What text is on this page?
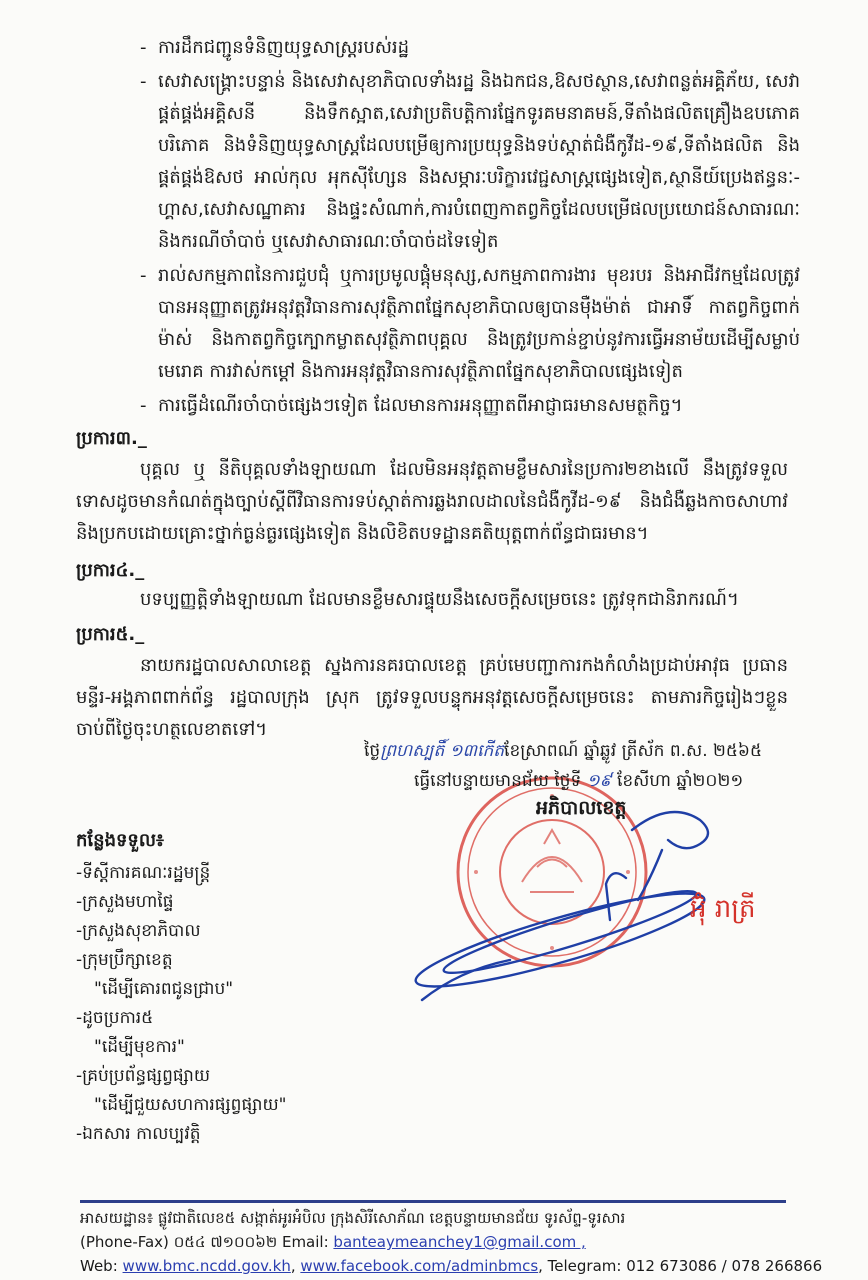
- ការដឹកជញ្ជូនទំនិញយុទ្ធសាស្ត្ររបស់រដ្ឋ
- សេវាសង្គ្រោះបន្ទាន់ និងសេវាសុខាភិបាលទាំងរដ្ឋ និងឯកជន,ឱសថស្ថាន,សេវាពន្លត់អគ្គិភ័យ, សេវាផ្គត់ផ្គង់អគ្គិសនី និងទឹកស្អាត,សេវាប្រតិបត្តិការផ្នែកទូរគមនាគមន៍,ទីតាំងផលិតគ្រឿងឧបភោគ បរិភោគ និងទំនិញយុទ្ធសាស្ត្រដែលបម្រើឲ្យការប្រយុទ្ធនិងទប់ស្កាត់ជំងឺកូវីដ-១៩,ទីតាំងផលិត និងផ្គត់ផ្គង់ឱសថ អាល់កុល អុកស៊ីហ្សែន និងសម្ភារៈបរិក្ខារវេជ្ជសាស្ត្រផ្សេងទៀត,ស្ថានីយ៍ប្រេងឥន្ធនៈ-ហ្គាស,សេវាសណ្ឋាគារ និងផ្ទះសំណាក់,ការបំពេញកាតព្វកិច្ចដែលបម្រើផលប្រយោជន៍សាធារណៈ និងករណីចាំបាច់ ឬសេវាសាធារណៈចាំបាច់ដទៃទៀត
- រាល់សកម្មភាពនៃការជួបជុំ ឬការប្រមូលផ្តុំមនុស្ស,សកម្មភាពការងារ មុខរបរ និងអាជីវកម្មដែលត្រូវបានអនុញ្ញាតត្រូវអនុវត្តវិធានការសុវត្ថិភាពផ្នែកសុខាភិបាលឲ្យបានម៉ឺងម៉ាត់ ជាអាទិ៍ កាតព្វកិច្ចពាក់ម៉ាស់ និងកាតព្វកិច្ចក្បោកម្លាតសុវត្ថិភាពបុគ្គល និងត្រូវប្រកាន់ខ្ជាប់នូវការធ្វើអនាម័យដើម្បីសម្លាប់មេរោគ ការវាស់កម្តៅ និងការអនុវត្តវិធានការសុវត្ថិភាពផ្នែកសុខាភិបាលផ្សេងទៀត
- ការធ្វើដំណើរចាំបាច់ផ្សេងៗទៀត ដែលមានការអនុញ្ញាតពីអាជ្ញាធរមានសមត្ថកិច្ច។
ប្រការ៣._
បុគ្គល ឬ នីតិបុគ្គលទាំងឡាយណា ដែលមិនអនុវត្តតាមខ្លឹមសារនៃប្រការ២ខាងលើ នឹងត្រូវទទួលទោសដូចមានកំណត់ក្នុងច្បាប់ស្តីពីវិធានការទប់ស្កាត់ការឆ្លងរាលដាលនៃជំងឺកូវីដ-១៩ និងជំងឺឆ្លងកាចសាហាវនិងប្រកបដោយគ្រោះថ្នាក់ធ្ងន់ធ្ងរផ្សេងទៀត និងលិខិតបទដ្ឋានគតិយុត្តពាក់ព័ន្ធជាធរមាន។
ប្រការ៤._
បទប្បញ្ញត្តិទាំងឡាយណា ដែលមានខ្លឹមសារផ្ទុយនឹងសេចក្តីសម្រេចនេះ ត្រូវទុកជានិរាករណ៍។
ប្រការ៥._
នាយករដ្ឋបាលសាលាខេត្ត ស្នងការនគរបាលខេត្ត គ្រប់មេបញ្ជាការកងកំលាំងប្រដាប់អាវុធ ប្រធានមន្ទីរ-អង្គភាពពាក់ព័ន្ធ រដ្ឋបាលក្រុង ស្រុក ត្រូវទទួលបន្ទុកអនុវត្តសេចក្តីសម្រេចនេះ តាមភារកិច្ចរៀងៗខ្លួន ចាប់ពីថ្ងៃចុះហត្ថលេខាតទៅ។
ថ្ងៃព្រហស្បតិ៍ ១៣កើតខែស្រាពណ៍ ឆ្នាំឆ្លូវ ត្រីស័ក ព.ស. ២៥៦៥
ធ្វើនៅបន្ទាយមានជ័យ ថ្ងៃទី ១៩ ខែសីហា ឆ្នាំ២០២១
អភិបាលខេត្ត
អ៊ុំ រាត្រី
កន្លែងទទួល៖
-ទីស្តីការគណៈរដ្ឋមន្ត្រី
-ក្រសួងមហាផ្ទៃ
-ក្រសួងសុខាភិបាល
-ក្រុមប្រឹក្សាខេត្ត
"ដើម្បីគោរពជូនជ្រាប"
-ដូចប្រការ៥
"ដើម្បីមុខការ"
-គ្រប់ប្រព័ន្ធផ្សព្វផ្សាយ
"ដើម្បីជួយសហការផ្សព្វផ្សាយ"
-ឯកសារ កាលប្បវត្តិ
អាសយដ្ឋាន៖ ផ្លូវជាតិលេខ៥ សង្កាត់អូរអំបិល ក្រុងសិរីសោភ័ណ ខេត្តបន្ទាយមានជ័យ ទូរស័ព្ទ-ទូរសារ
(Phone-Fax) ០៥៤ ៧១០០៦២ Email: banteaymeanchey1@gmail.com ,
Web: www.bmc.ncdd.gov.kh, www.facebook.com/adminbmcs, Telegram: 012 673086 / 078 266866
